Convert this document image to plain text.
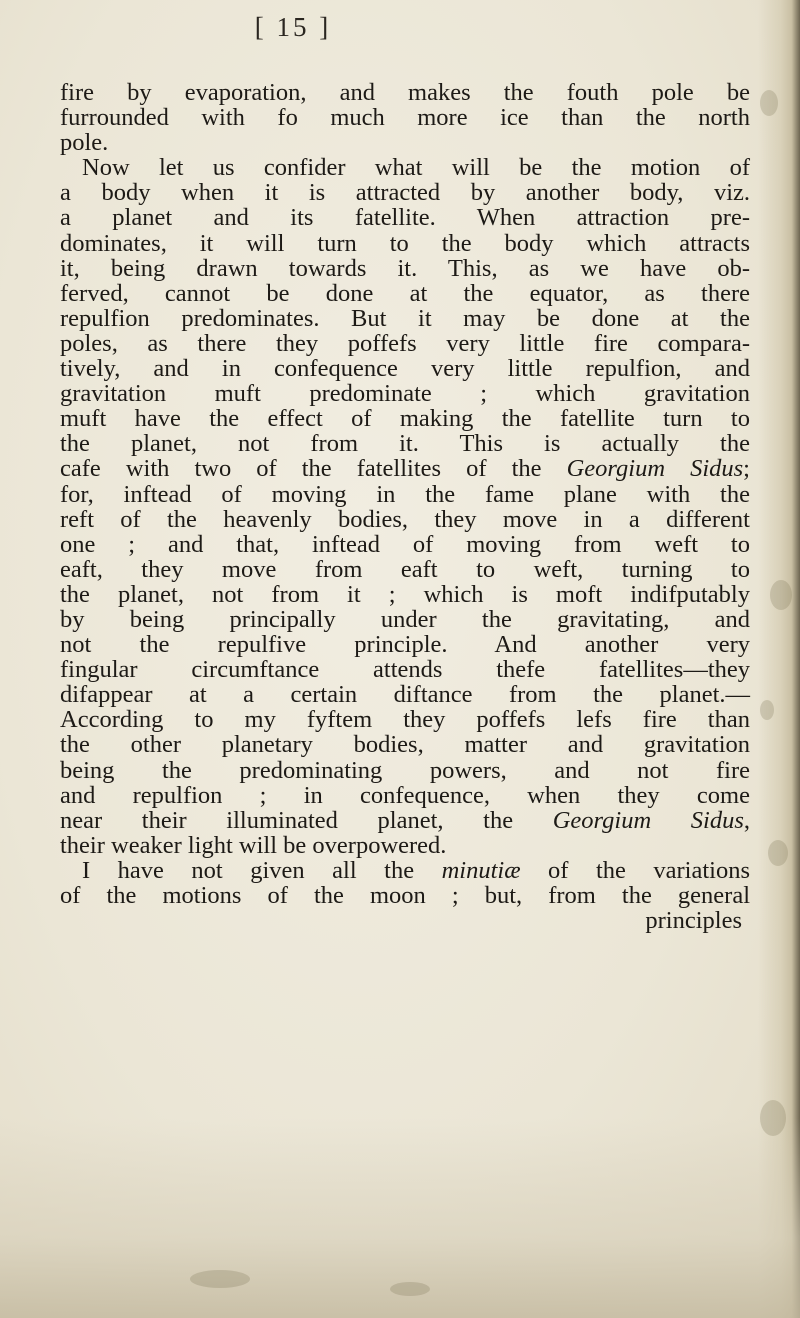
[ 15 ]
fire by evaporation, and makes the fouth pole be
furrounded with fo much more ice than the north
pole.
Now let us confider what will be the motion of
a body when it is attracted by another body, viz.
a planet and its fatellite. When attraction pre-
dominates, it will turn to the body which attracts
it, being drawn towards it. This, as we have ob-
ferved, cannot be done at the equator, as there
repulfion predominates. But it may be done at the
poles, as there they poffefs very little fire compara-
tively, and in confequence very little repulfion, and
gravitation muft predominate ; which gravitation
muft have the effect of making the fatellite turn to
the planet, not from it. This is actually the
cafe with two of the fatellites of the Georgium Sidus;
for, inftead of moving in the fame plane with the
reft of the heavenly bodies, they move in a different
one ; and that, inftead of moving from weft to
eaft, they move from eaft to weft, turning to
the planet, not from it ; which is moft indifputably
by being principally under the gravitating, and
not the repulfive principle. And another very
fingular circumftance attends thefe fatellites—they
difappear at a certain diftance from the planet.—
According to my fyftem they poffefs lefs fire than
the other planetary bodies, matter and gravitation
being the predominating powers, and not fire
and repulfion ; in confequence, when they come
near their illuminated planet, the Georgium Sidus,
their weaker light will be overpowered.
I have not given all the minutiæ of the variations
of the motions of the moon ; but, from the general
principles
